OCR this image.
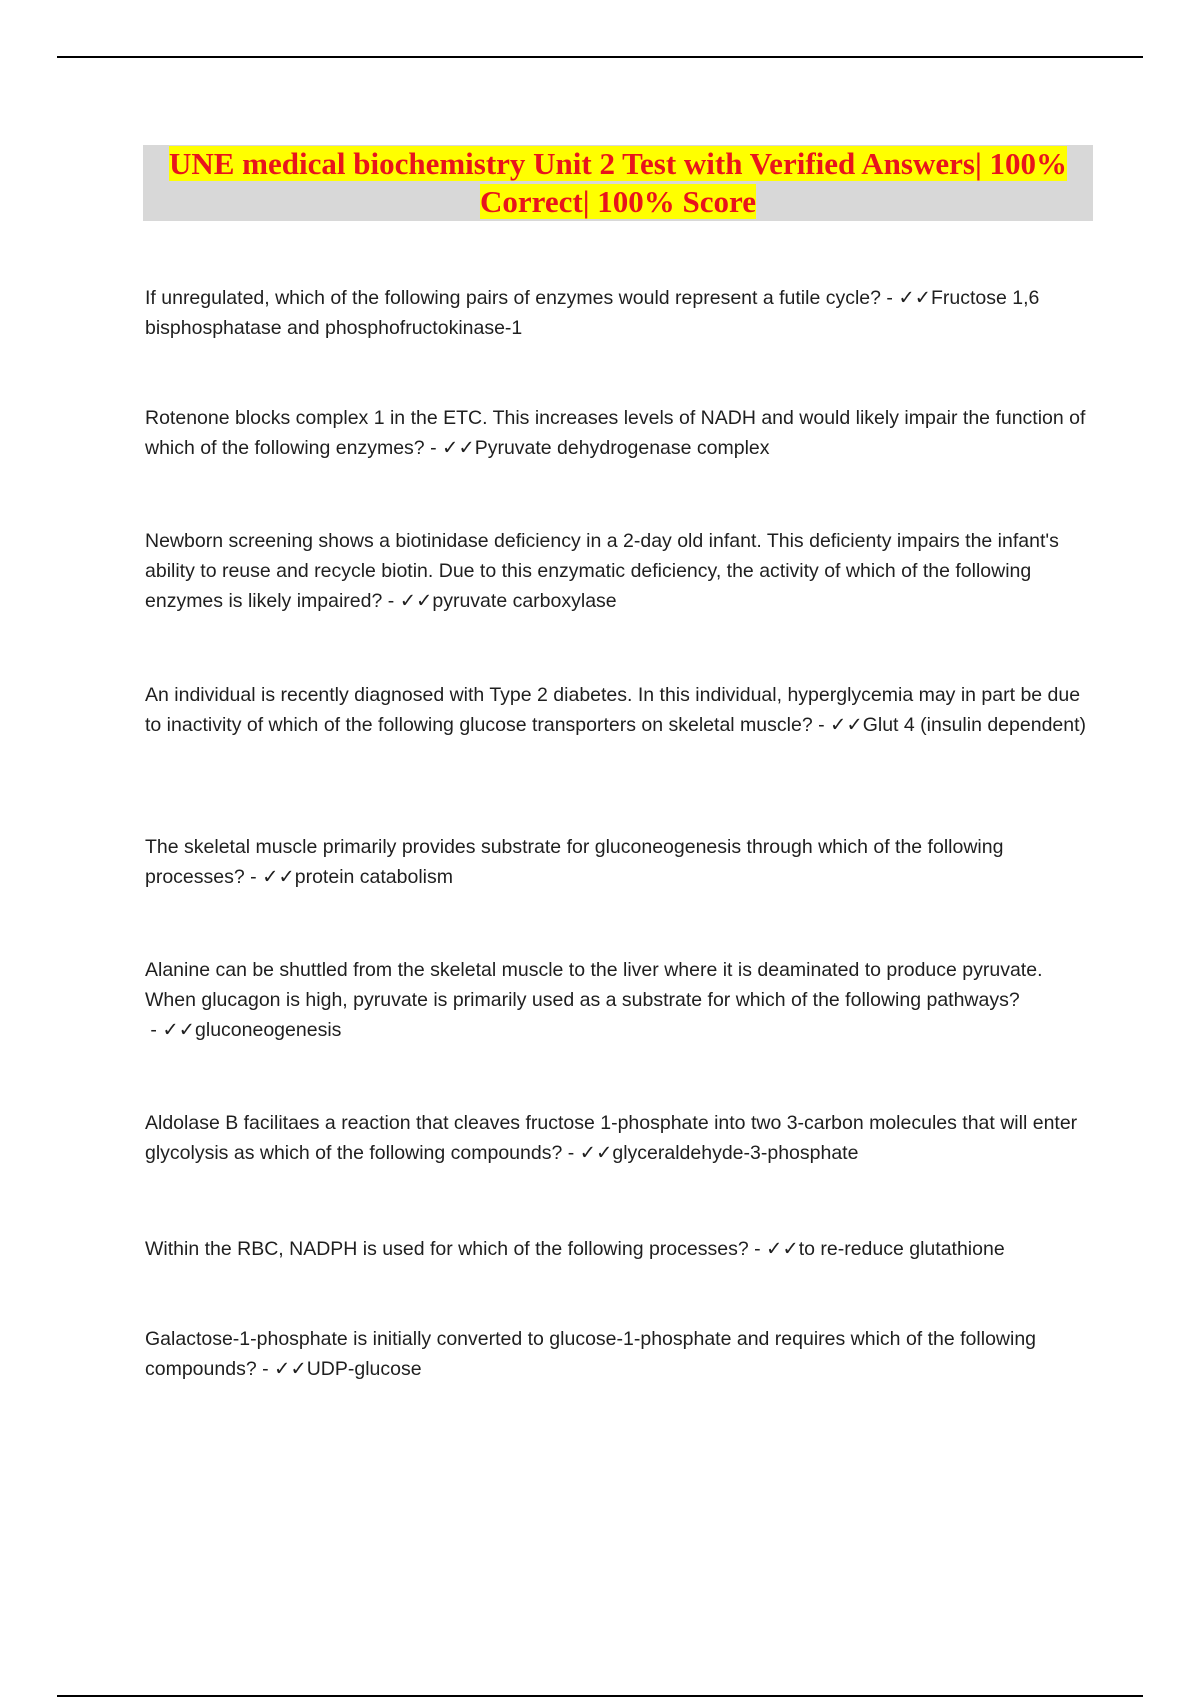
UNE medical biochemistry Unit 2 Test with Verified Answers| 100% Correct| 100% Score
If unregulated, which of the following pairs of enzymes would represent a futile cycle? - ✓✓Fructose 1,6 bisphosphatase and phosphofructokinase-1
Rotenone blocks complex 1 in the ETC. This increases levels of NADH and would likely impair the function of which of the following enzymes? - ✓✓Pyruvate dehydrogenase complex
Newborn screening shows a biotinidase deficiency in a 2-day old infant. This deficienty impairs the infant's ability to reuse and recycle biotin. Due to this enzymatic deficiency, the activity of which of the following enzymes is likely impaired? - ✓✓pyruvate carboxylase
An individual is recently diagnosed with Type 2 diabetes. In this individual, hyperglycemia may in part be due to inactivity of which of the following glucose transporters on skeletal muscle? - ✓✓Glut 4 (insulin dependent)
The skeletal muscle primarily provides substrate for gluconeogenesis through which of the following processes? - ✓✓protein catabolism
Alanine can be shuttled from the skeletal muscle to the liver where it is deaminated to produce pyruvate. When glucagon is high, pyruvate is primarily used as a substrate for which of the following pathways? - ✓✓gluconeogenesis
Aldolase B facilitaes a reaction that cleaves fructose 1-phosphate into two 3-carbon molecules that will enter glycolysis as which of the following compounds? - ✓✓glyceraldehyde-3-phosphate
Within the RBC, NADPH is used for which of the following processes? - ✓✓to re-reduce glutathione
Galactose-1-phosphate is initially converted to glucose-1-phosphate and requires which of the following compounds? - ✓✓UDP-glucose
